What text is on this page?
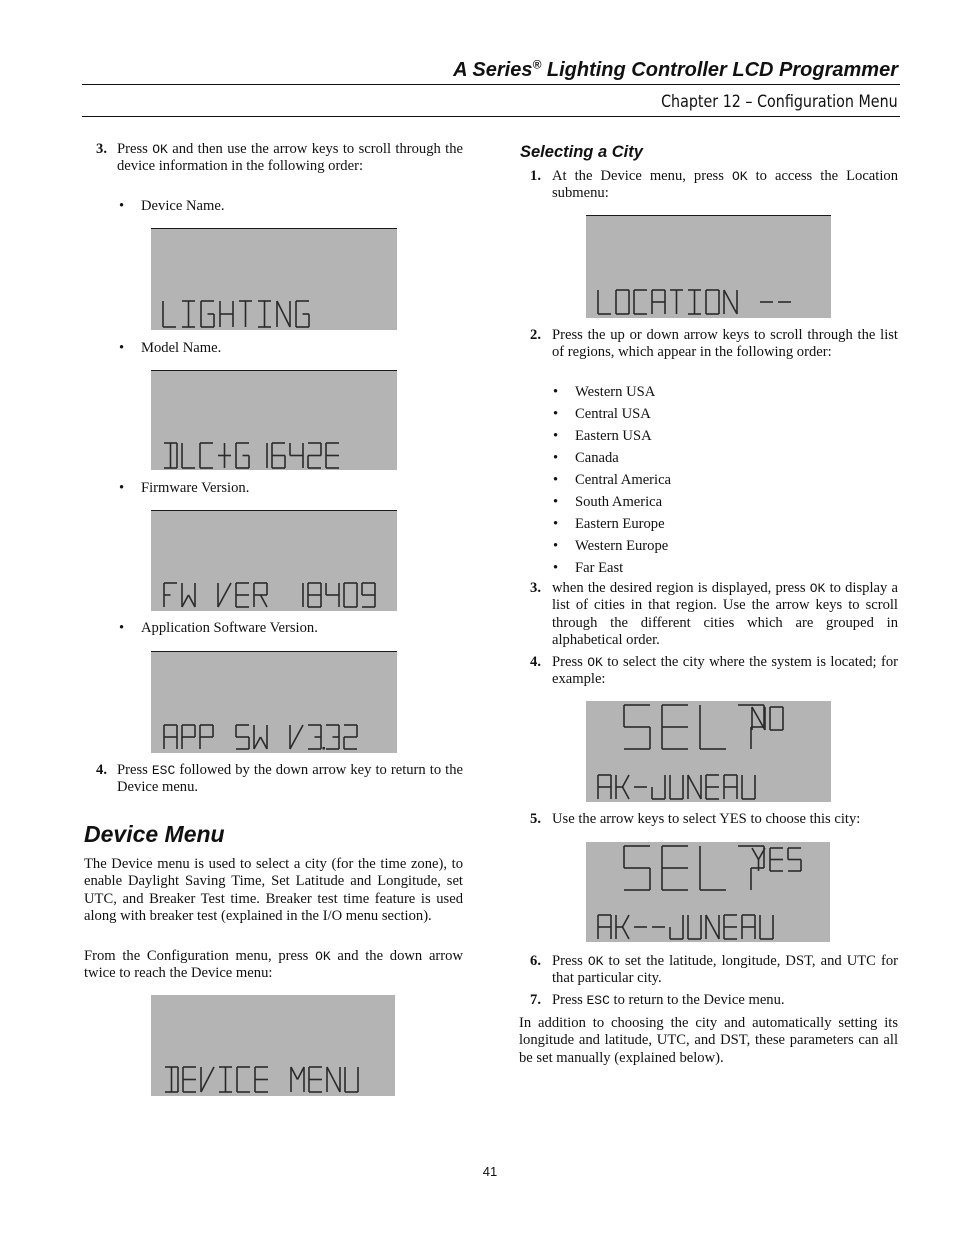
A Series® Lighting Controller LCD Programmer
Chapter 12 – Configuration Menu
3. Press OK and then use the arrow keys to scroll through the device information in the following order:
•	Device Name.
•	Model Name.
•	Firmware Version.
•	Application Software Version.
4. Press ESC followed by the down arrow key to return to the Device menu.
Device Menu
The Device menu is used to select a city (for the time zone), to enable Daylight Saving Time, Set Latitude and Longitude, set UTC, and Breaker Test time. Breaker test time feature is used along with breaker test (explained in the I/O menu section).
From the Configuration menu, press OK and the down arrow twice to reach the Device menu:
Selecting a City
1. At the Device menu, press OK to access the Location submenu:
2. Press the up or down arrow keys to scroll through the list of regions, which appear in the following order:
•	Western USA
•	Central USA
•	Eastern USA
•	Canada
•	Central America
•	South America
•	Eastern Europe
•	Western Europe
•	Far East
3. when the desired region is displayed, press OK to display a list of cities in that region. Use the arrow keys to scroll through the different cities which are grouped in alphabetical order.
4. Press OK to select the city where the system is located; for example:
5. Use the arrow keys to select YES to choose this city:
6. Press OK to set the latitude, longitude, DST, and UTC for that particular city.
7. Press ESC to return to the Device menu.
In addition to choosing the city and automatically setting its longitude and latitude, UTC, and DST, these parameters can all be set manually (explained below).
41
